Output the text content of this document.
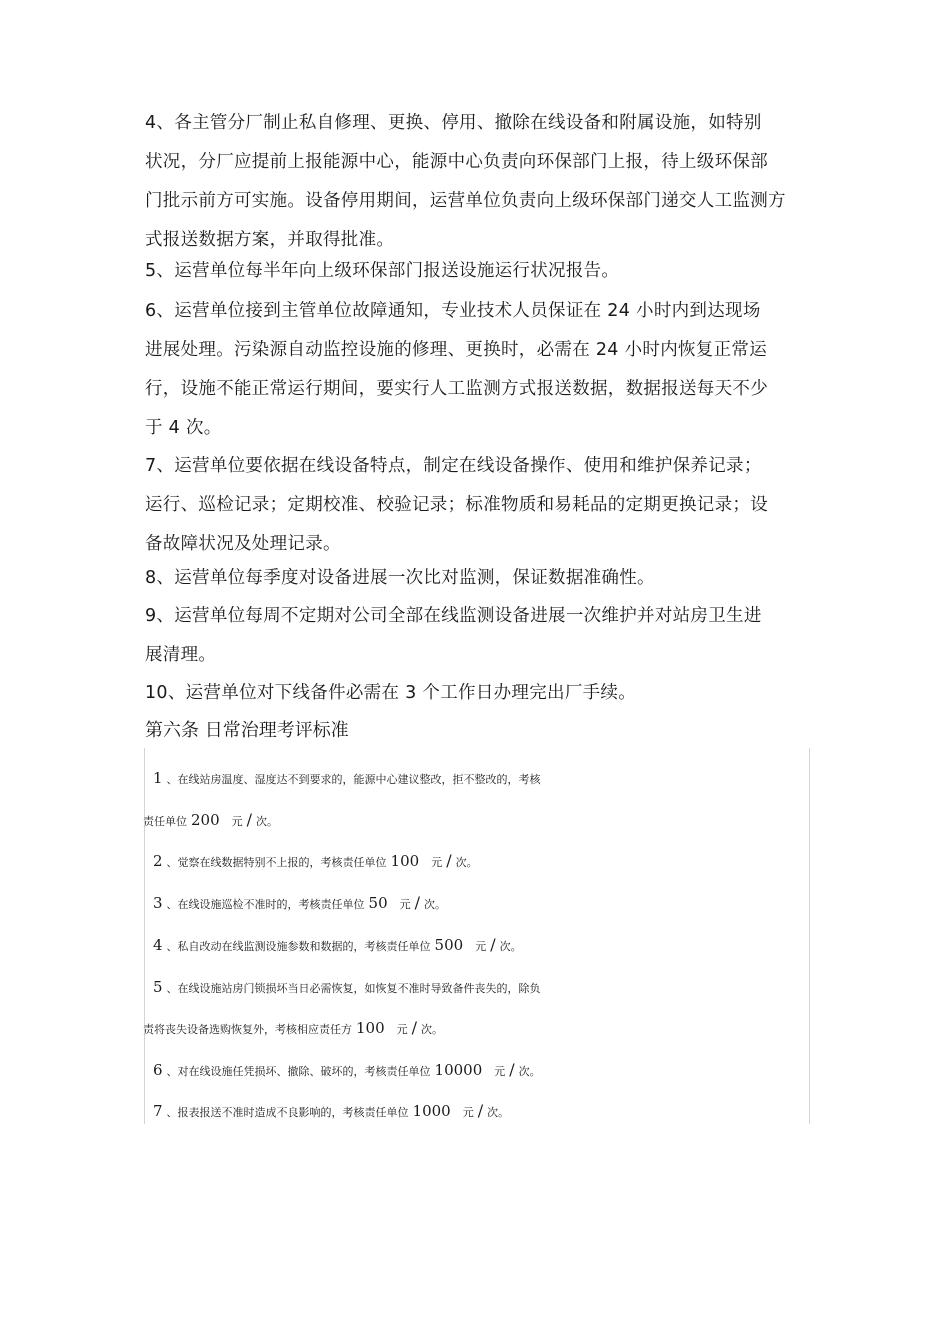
4、各主管分厂制止私自修理、更换、停用、撤除在线设备和附属设施，如特别
状况，分厂应提前上报能源中心，能源中心负责向环保部门上报，待上级环保部
门批示前方可实施。设备停用期间，运营单位负责向上级环保部门递交人工监测方
式报送数据方案，并取得批准。
5、运营单位每半年向上级环保部门报送设施运行状况报告。
6、运营单位接到主管单位故障通知，专业技术人员保证在 24 小时内到达现场
进展处理。污染源自动监控设施的修理、更换时，必需在 24 小时内恢复正常运
行，设施不能正常运行期间，要实行人工监测方式报送数据，数据报送每天不少
于 4 次。
7、运营单位要依据在线设备特点，制定在线设备操作、使用和维护保养记录；
运行、巡检记录；定期校准、校验记录；标准物质和易耗品的定期更换记录；设
备故障状况及处理记录。
8、运营单位每季度对设备进展一次比对监测，保证数据准确性。
9、运营单位每周不定期对公司全部在线监测设备进展一次维护并对站房卫生进
展清理。
10、运营单位对下线备件必需在 3 个工作日办理完出厂手续。
第六条 日常治理考评标准
1 、在线站房温度、湿度达不到要求的，能源中心建议整改，拒不整改的，考核
责任单位 200 元 / 次。
2 、觉察在线数据特别不上报的，考核责任单位 100 元 / 次。
3 、在线设施巡检不准时的，考核责任单位 50 元 / 次。
4 、私自改动在线监测设施参数和数据的，考核责任单位 500 元 / 次。
5 、在线设施站房门锁损坏当日必需恢复，如恢复不准时导致备件丧失的，除负
责将丧失设备选购恢复外，考核相应责任方 100 元 / 次。
6 、对在线设施任凭损坏、撤除、破坏的，考核责任单位 10000 元 / 次。
7 、报表报送不准时造成不良影响的，考核责任单位 1000 元 / 次。
